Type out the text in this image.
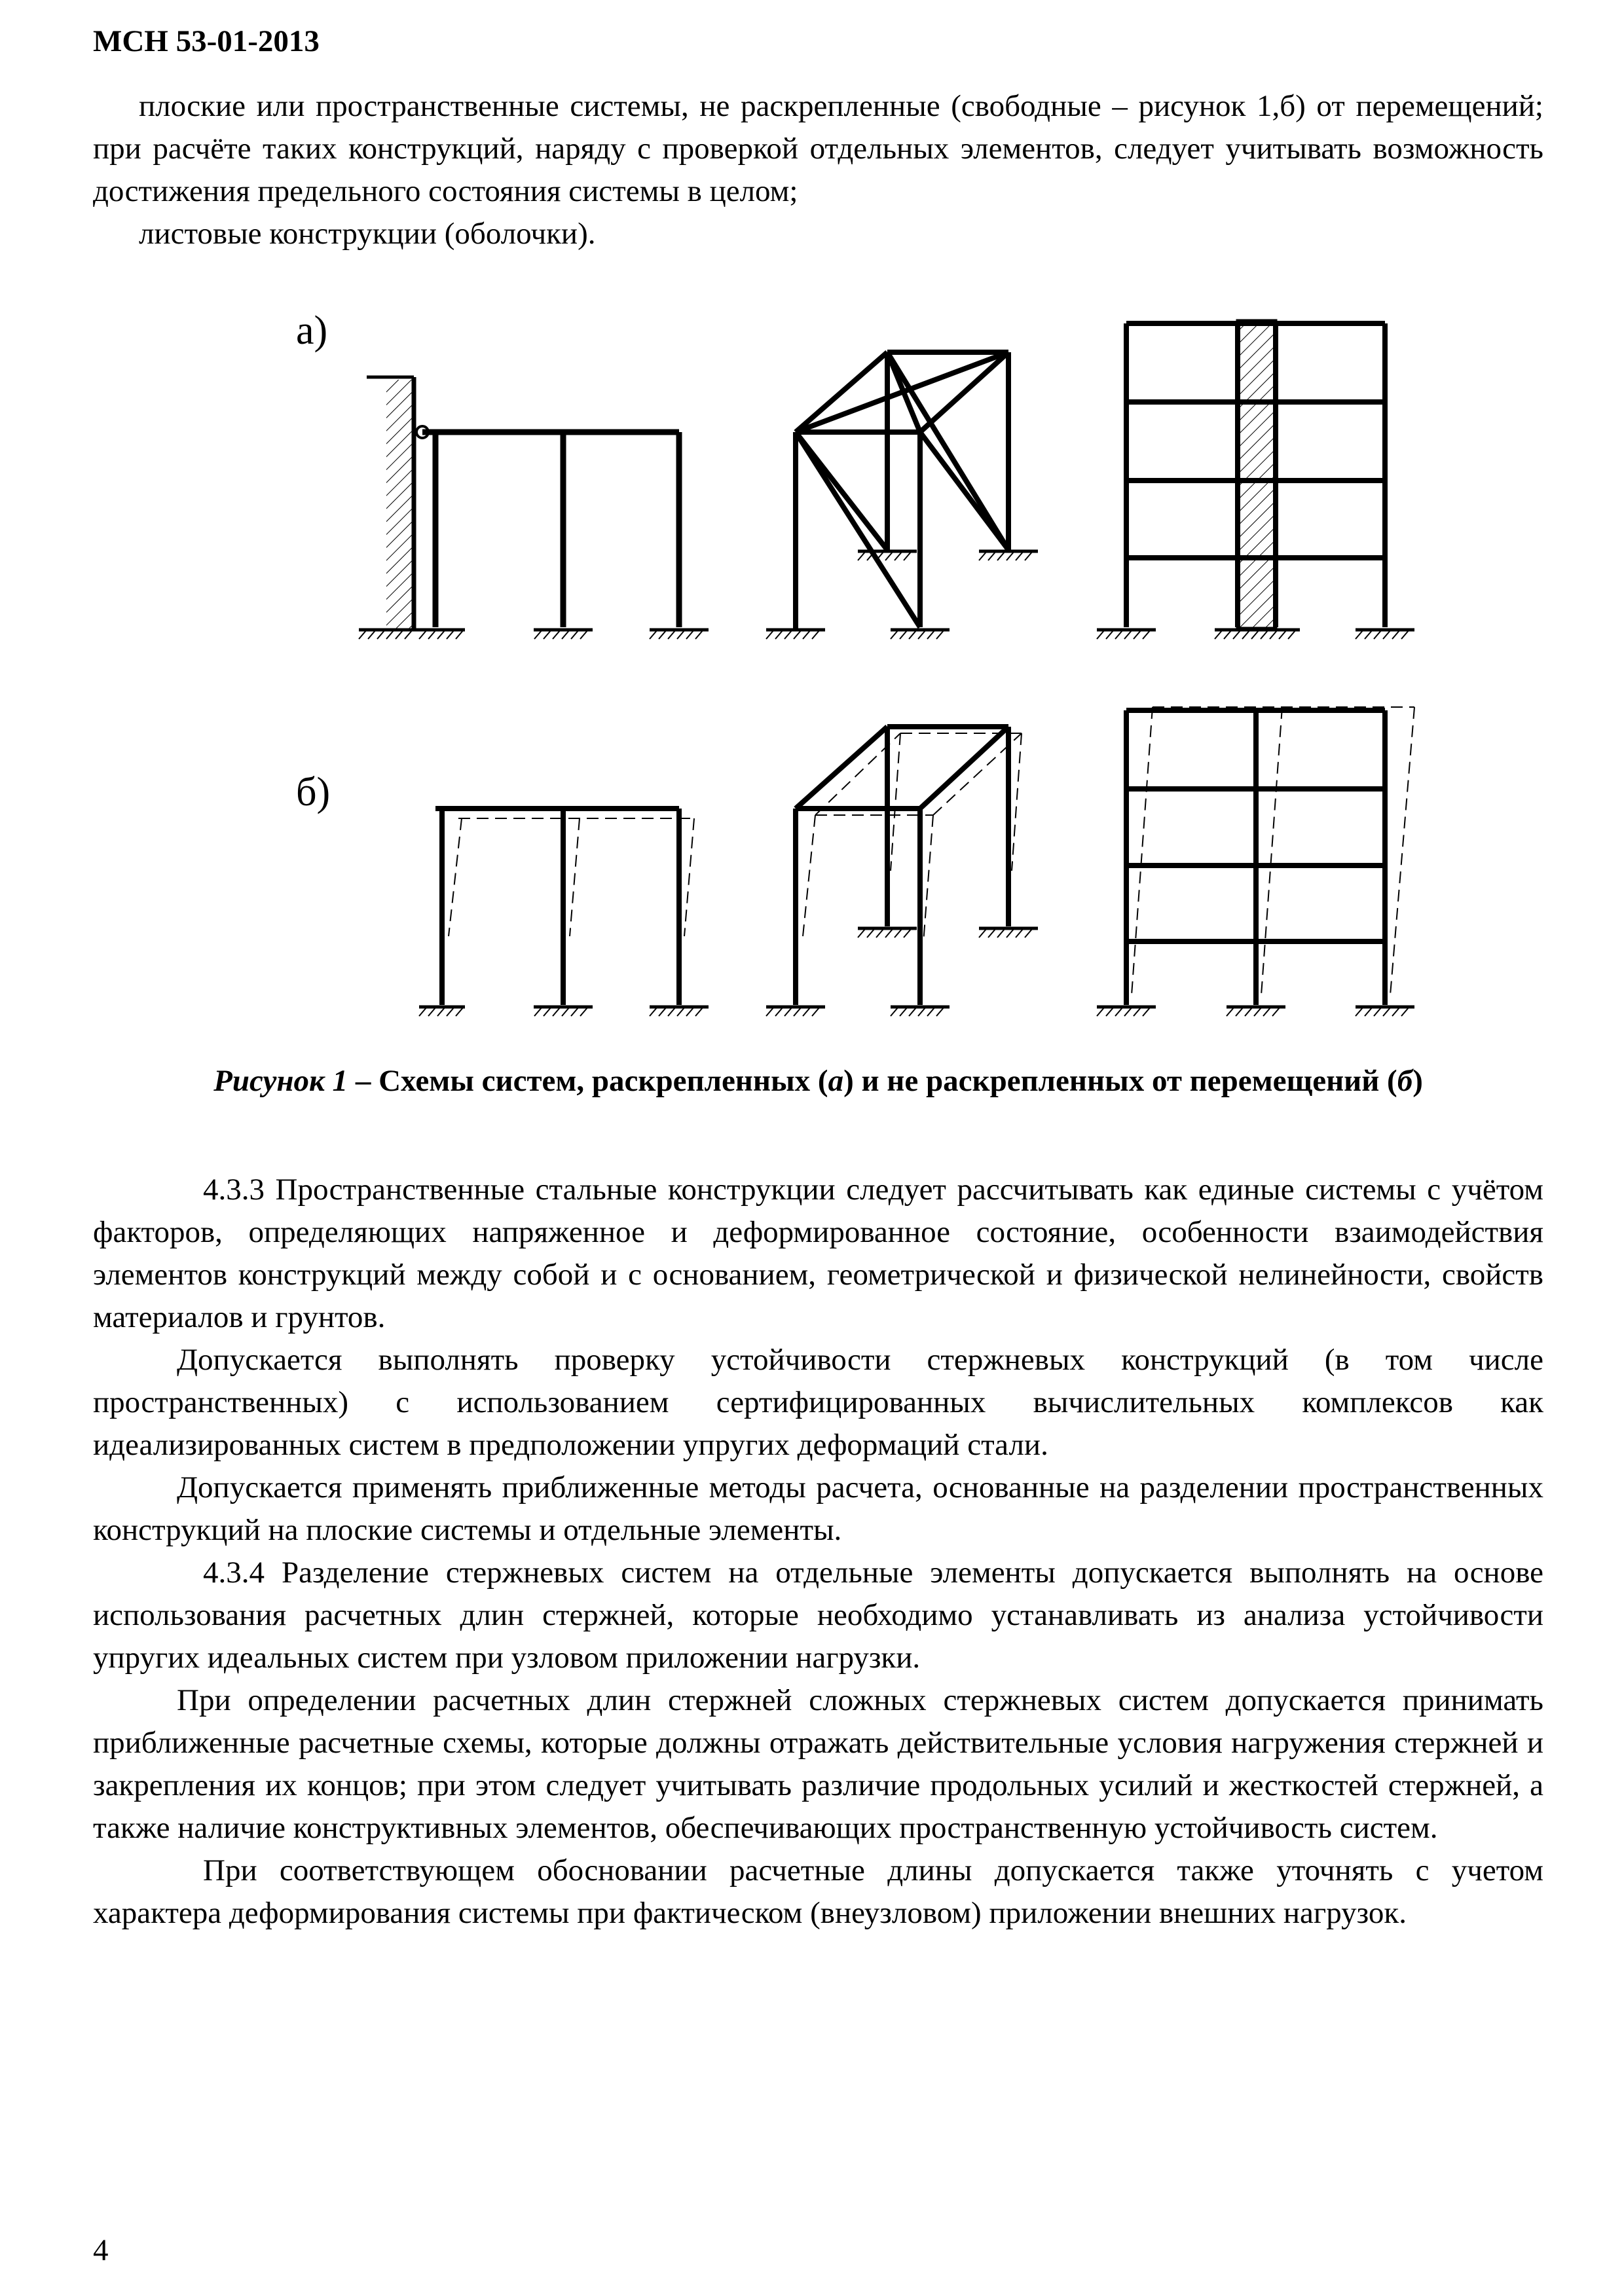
МСН 53-01-2013

плоские или пространственные системы, не раскрепленные (свободные – рисунок 1,б) от перемещений; при расчёте таких конструкций, наряду с проверкой отдельных элементов, следует учитывать возможность достижения предельного состояния системы в целом;

листовые конструкции (оболочки).

а)
б)
Рисунок 1 – Схемы систем, раскрепленных (а) и не раскрепленных от перемещений (б)

4.3.3 Пространственные стальные конструкции следует рассчитывать как единые системы с учётом факторов, определяющих напряженное и деформированное состояние, особенности взаимодействия элементов конструкций между собой и с основанием, геометрической и физической нелинейности, свойств материалов и грунтов.

Допускается выполнять проверку устойчивости стержневых конструкций (в том числе пространственных) с использованием сертифицированных вычислительных комплексов как идеализированных систем в предположении упругих деформаций стали.

Допускается применять приближенные методы расчета, основанные на разделении пространственных конструкций на плоские системы и отдельные элементы.

4.3.4 Разделение стержневых систем на отдельные элементы допускается выполнять на основе использования расчетных длин стержней, которые необходимо устанавливать из анализа устойчивости упругих идеальных систем при узловом приложении нагрузки.

При определении расчетных длин стержней сложных стержневых систем допускается принимать приближенные расчетные схемы, которые должны отражать действительные условия нагружения стержней и закрепления их концов; при этом следует учитывать различие продольных усилий и жесткостей стержней, а также наличие конструктивных элементов, обеспечивающих пространственную устойчивость систем.

При соответствующем обосновании расчетные длины допускается также уточнять с учетом характера деформирования системы при фактическом (внеузловом) приложении внешних нагрузок.

4
